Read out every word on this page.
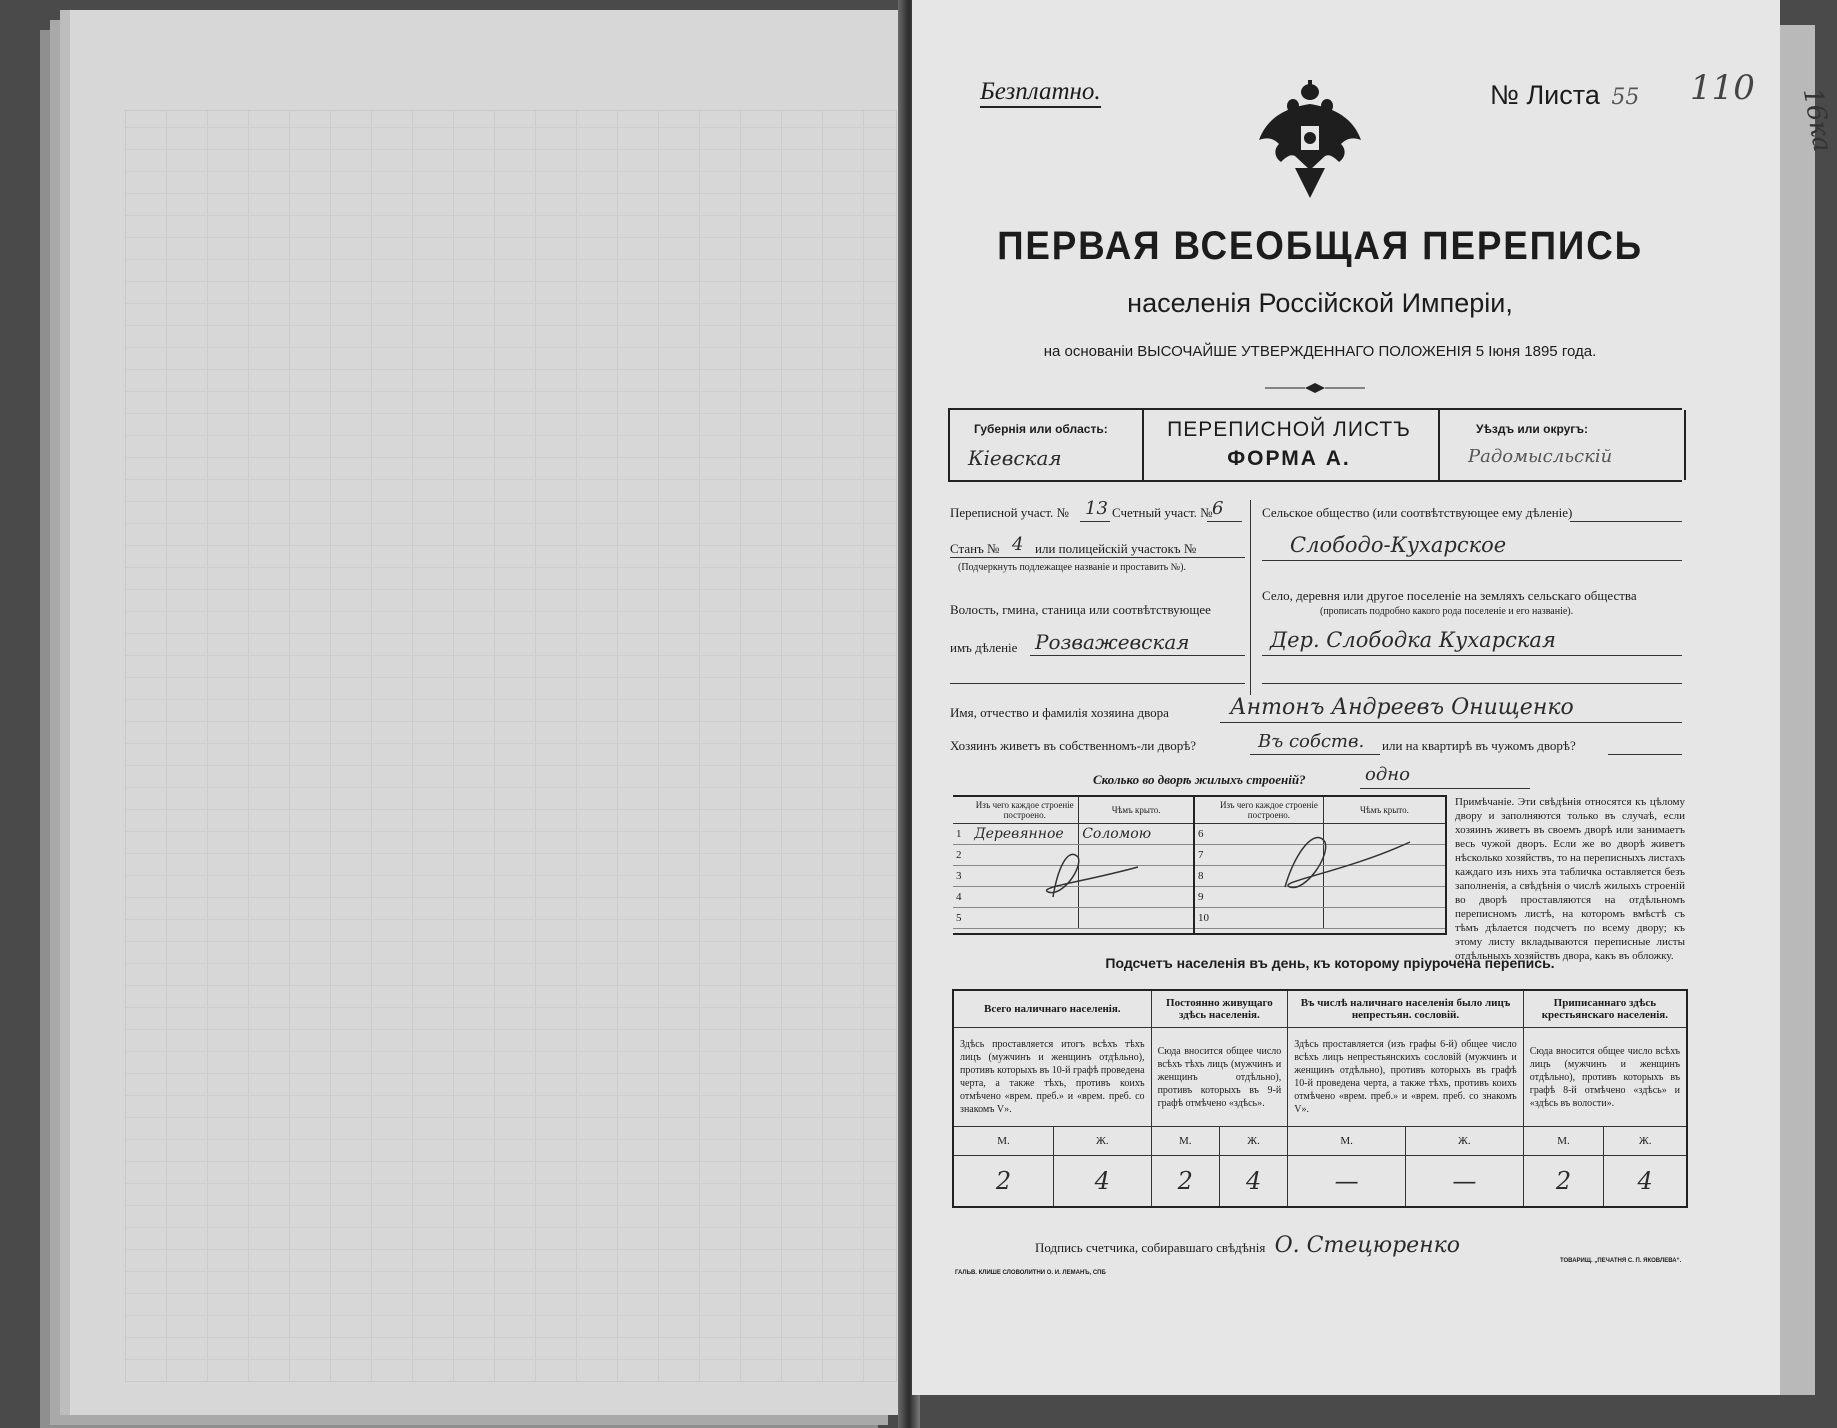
16ка
Безплатно.	№ Листа 55 110
ПЕРВАЯ ВСЕОБЩАЯ ПЕРЕПИСЬ
населенія Россійской Имперіи,
на основаніи ВЫСОЧАЙШЕ УТВЕРЖДЕННАГО ПОЛОЖЕНІЯ 5 Іюня 1895 года.
Губернія или область:
Кіевская
ПЕРЕПИСНОЙ ЛИСТЪ
ФОРМА А.
Уѣздъ или округъ:
Радомысльскій
Переписной участ. № 13 Счетный участ. № 6
Станъ № 4 или полицейскій участокъ №
(Подчеркнуть подлежащее названіе и проставить №).
Волость, гмина, станица или соотвѣтствующее
имъ дѣленіе Розважевская
Сельское общество (или соотвѣтствующее ему дѣленіе)
Слободо-Кухарское
Село, деревня или другое поселеніе на земляхъ сельскаго общества
(прописать подробно какого рода поселеніе и его названіе).
Дер. Слободка Кухарская
Имя, отчество и фамилія хозяина двора	Антонъ Андреевъ Онищенко
Хозяинъ живетъ въ собственномъ-ли дворѣ?	Въ собств. или на квартирѣ въ чужомъ дворѣ?
Сколько во дворѣ жилыхъ строеній?	одно
	Изъ чего каждое строеніе построено.	Чѣмъ крыто.
1	Деревянное	Соломою
2		
3		
4		
5		
	Изъ чего каждое строеніе построено.	Чѣмъ крыто.
6		
7		
8		
9		
10		
Примѣчаніе. Эти свѣдѣнія относятся къ цѣлому двору и заполняются только въ случаѣ, если хозяинъ живетъ въ своемъ дворѣ или занимаетъ весь чужой дворъ. Если же во дворѣ живетъ нѣсколько хозяйствъ, то на переписныхъ листахъ каждаго изъ нихъ эта табличка оставляется безъ заполненія, а свѣдѣнія о числѣ жилыхъ строеній во дворѣ проставляются на отдѣльномъ переписномъ листѣ, на которомъ вмѣстѣ съ тѣмъ дѣлается подсчетъ по всему двору; къ этому листу вкладываются переписные листы отдѣльныхъ хозяйствъ двора, какъ въ обложку.
Подсчетъ населенія въ день, къ которому пріурочена перепись.
Всего наличнаго населенія.		Постоянно живущаго здѣсь населенія.		Въ числѣ наличнаго населенія было лицъ непрестьян. сословій.		Приписаннаго здѣсь крестьянскаго населенія.	
Здѣсь проставляется итогъ всѣхъ тѣхъ лицъ (мужчинъ и женщинъ отдѣльно), противъ которыхъ въ 10-й графѣ проведена черта, а также тѣхъ, противъ коихъ отмѣчено «врем. преб.» и «врем. преб. со знакомъ V».		Сюда вносится общее число всѣхъ тѣхъ лицъ (мужчинъ и женщинъ отдѣльно), противъ которыхъ въ 9-й графѣ отмѣчено «здѣсь».		Здѣсь проставляется (изъ графы 6-й) общее число всѣхъ лицъ непрестьянскихъ сословій (мужчинъ и женщинъ отдѣльно), противъ которыхъ въ графѣ 10-й проведена черта, а также тѣхъ, противъ коихъ отмѣчено «врем. преб.» и «врем. преб. со знакомъ V».		Сюда вносится общее число всѣхъ лицъ (мужчинъ и женщинъ отдѣльно), противъ которыхъ въ графѣ 8-й отмѣчено «здѣсь» и «здѣсь въ волости».	
М.	Ж.	М.	Ж.	М.	Ж.	М.	Ж.
2	4	2	4	—	—	2	4
Подпись счетчика, собиравшаго свѣдѣнія О. Стецюренко
ГАЛЬВ. КЛИШЕ СЛОВОЛИТНИ О. И. ЛЕМАНЪ, СПБ
ТОВАРИЩ. „ПЕЧАТНЯ С. П. ЯКОВЛЕВА“.
